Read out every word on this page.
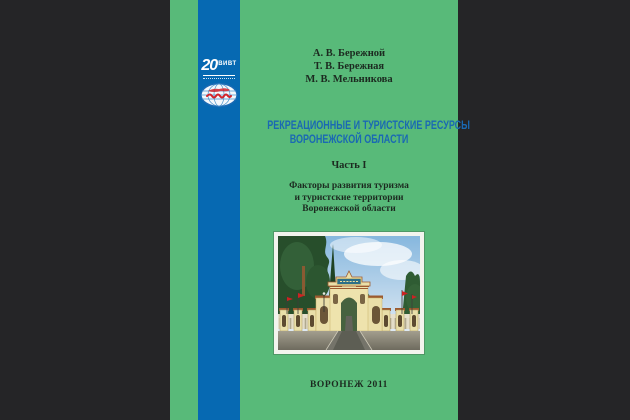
20 ВИВТ
А. В. Бережной
Т. В. Бережная
М. В. Мельникова
РЕКРЕАЦИОННЫЕ И ТУРИСТСКИЕ РЕСУРСЫ
ВОРОНЕЖСКОЙ ОБЛАСТИ
Часть I
Факторы развития туризма
и туристские территории
Воронежской области
ВОРОНЕЖ 2011
